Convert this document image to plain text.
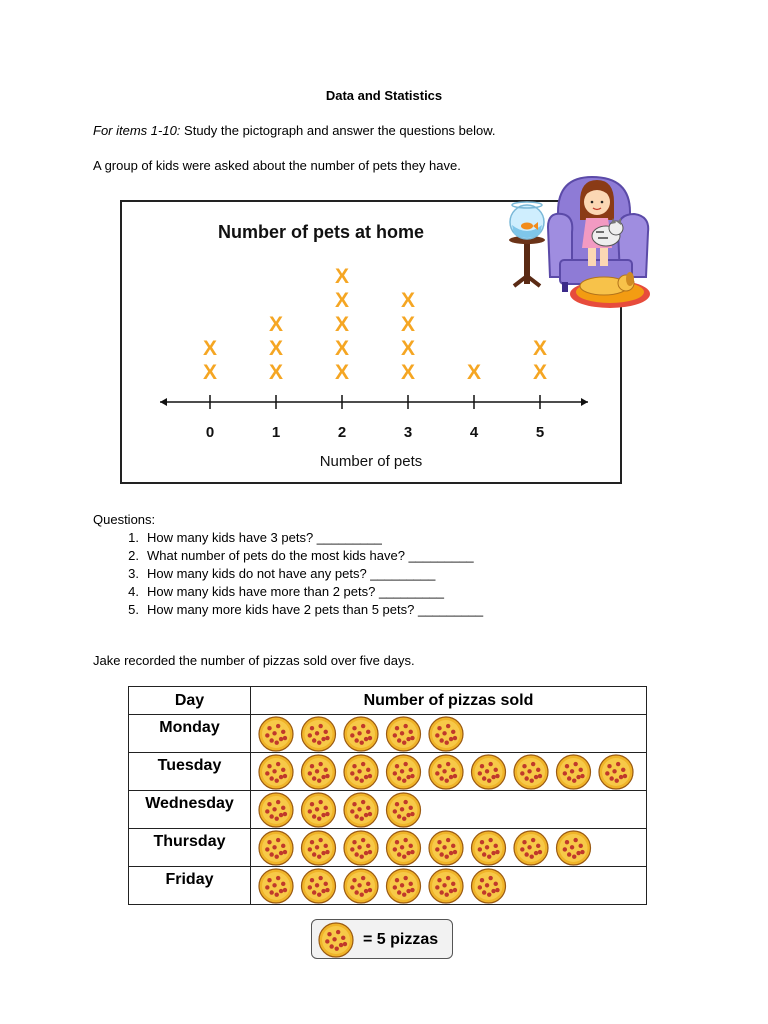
Data and Statistics
For items 1-10: Study the pictograph and answer the questions below.
A group of kids were asked about the number of pets they have.
Number of pets at home
0
X
X
1
X
X
X
2
X
X
X
X
X
3
X
X
X
X
4
X
5
X
X
Number of pets
Questions:
1. How many kids have 3 pets? _________
2. What number of pets do the most kids have? _________
3. How many kids do not have any pets? _________
4. How many kids have more than 2 pets? _________
5. How many more kids have 2 pets than 5 pets? _________
Jake recorded the number of pizzas sold over five days.
Day	Number of pizzas sold
Monday	

Tuesday	

Wednesday	

Thursday	

Friday	
= 5 pizzas
